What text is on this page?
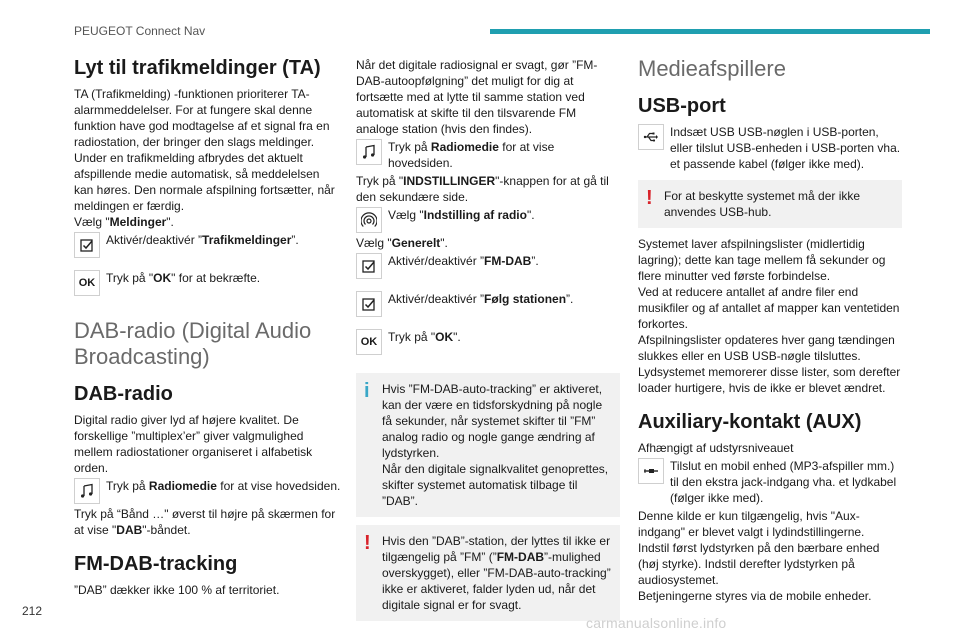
PEUGEOT Connect Nav
Lyt til trafikmeldinger (TA)

TA (Trafikmelding) -funktionen prioriterer TA-alarmmeddelelser. For at fungere skal denne funktion have god modtagelse af et signal fra en radiostation, der bringer den slags meldinger. Under en trafikmelding afbrydes det aktuelt afspillende medie automatisk, så meddelelsen kan høres. Den normale afspilning fortsætter, når meldingen er færdig.

Vælg "Meldinger".

Aktivér/deaktivér ”Trafikmeldinger”.
OK Tryk på "OK" for at bekræfte.
DAB-radio (Digital Audio Broadcasting)
DAB-radio

Digital radio giver lyd af højere kvalitet. De forskellige ”multiplex’er” giver valgmulighed mellem radiostationer organiseret i alfabetisk orden.

Tryk på Radiomedie for at vise hovedsiden.

Tryk på “Bånd …" øverst til højre på skærmen for at vise "DAB"-båndet.

FM-DAB-tracking

”DAB” dækker ikke 100 % af territoriet.

Når det digitale radiosignal er svagt, gør ”FM-DAB-autoopfølgning” det muligt for dig at fortsætte med at lytte til samme station ved automatisk at skifte til den tilsvarende FM analoge station (hvis den findes).

Tryk på Radiomedie for at vise hovedsiden.

Tryk på "INDSTILLINGER"-knappen for at gå til den sekundære side.

Vælg "Indstilling af radio".

Vælg "Generelt".

Aktivér/deaktivér ”FM-DAB”.
Aktivér/deaktivér ”Følg stationen”.
OK Tryk på "OK".
i Hvis ”FM-DAB-auto-tracking” er aktiveret, kan der være en tidsforskydning på nogle få sekunder, når systemet skifter til ”FM” analog radio og nogle gange ændring af lydstyrken.

Når den digitale signalkvalitet genoprettes, skifter systemet automatisk tilbage til ”DAB”.

! Hvis den ”DAB”-station, der lyttes til ikke er tilgængelig på ”FM” (”FM-DAB”-mulighed overskygget), eller ”FM-DAB-auto-tracking” ikke er aktiveret, falder lyden ud, når det digitale signal er for svagt.

Medieafspillere
USB-port
Indsæt USB USB-nøglen i USB-porten, eller tilslut USB-enheden i USB-porten vha. et passende kabel (følger ikke med).
! For at beskytte systemet må der ikke anvendes USB-hub.

Systemet laver afspilningslister (midlertidig lagring); dette kan tage mellem få sekunder og flere minutter ved første forbindelse.

Ved at reducere antallet af andre filer end musikfiler og af antallet af mapper kan ventetiden forkortes.

Afspilningslister opdateres hver gang tændingen slukkes eller en USB USB-nøgle tilsluttes. Lydsystemet memorerer disse lister, som derefter loader hurtigere, hvis de ikke er blevet ændret.

Auxiliary-kontakt (AUX)

Afhængigt af udstyrsniveauet

Tilslut en mobil enhed (MP3-afspiller mm.) til den ekstra jack-indgang vha. et lydkabel (følger ikke med).

Denne kilde er kun tilgængelig, hvis "Aux-indgang" er blevet valgt i lydindstillingerne.

Indstil først lydstyrken på den bærbare enhed (høj styrke). Indstil derefter lydstyrken på audiosystemet.

Betjeningerne styres via de mobile enheder.

212
carmanualsonline.info
